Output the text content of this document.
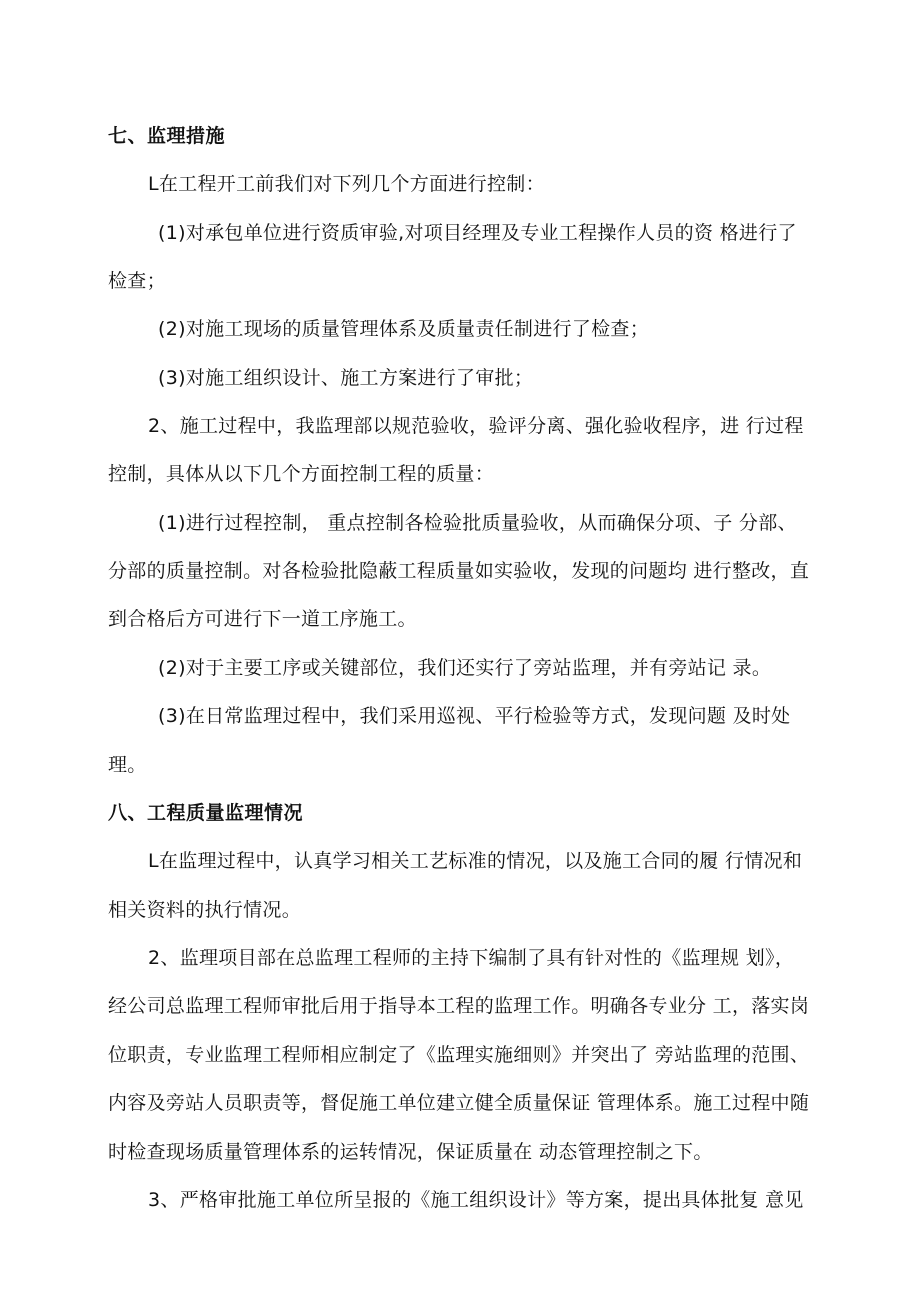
七、监理措施
L在工程开工前我们对下列几个方面进行控制：
(1)对承包单位进行资质审验,对项目经理及专业工程操作人员的资 格进行了
检查；
(2)对施工现场的质量管理体系及质量责任制进行了检查；
(3)对施工组织设计、施工方案进行了审批；
2、施工过程中，我监理部以规范验收，验评分离、强化验收程序，进 行过程
控制，具体从以下几个方面控制工程的质量：
(1)进行过程控制， 重点控制各检验批质量验收，从而确保分项、子 分部、
分部的质量控制。对各检验批隐蔽工程质量如实验收，发现的问题均 进行整改，直
到合格后方可进行下一道工序施工。
(2)对于主要工序或关键部位，我们还实行了旁站监理，并有旁站记 录。
(3)在日常监理过程中，我们采用巡视、平行检验等方式，发现问题 及时处
理。
八、工程质量监理情况
L在监理过程中，认真学习相关工艺标准的情况，以及施工合同的履 行情况和
相关资料的执行情况。
2、监理项目部在总监理工程师的主持下编制了具有针对性的《监理规 划》，
经公司总监理工程师审批后用于指导本工程的监理工作。明确各专业分 工，落实岗
位职责，专业监理工程师相应制定了《监理实施细则》并突出了 旁站监理的范围、
内容及旁站人员职责等，督促施工单位建立健全质量保证 管理体系。施工过程中随
时检查现场质量管理体系的运转情况，保证质量在 动态管理控制之下。
3、严格审批施工单位所呈报的《施工组织设计》等方案，提出具体批复 意见
